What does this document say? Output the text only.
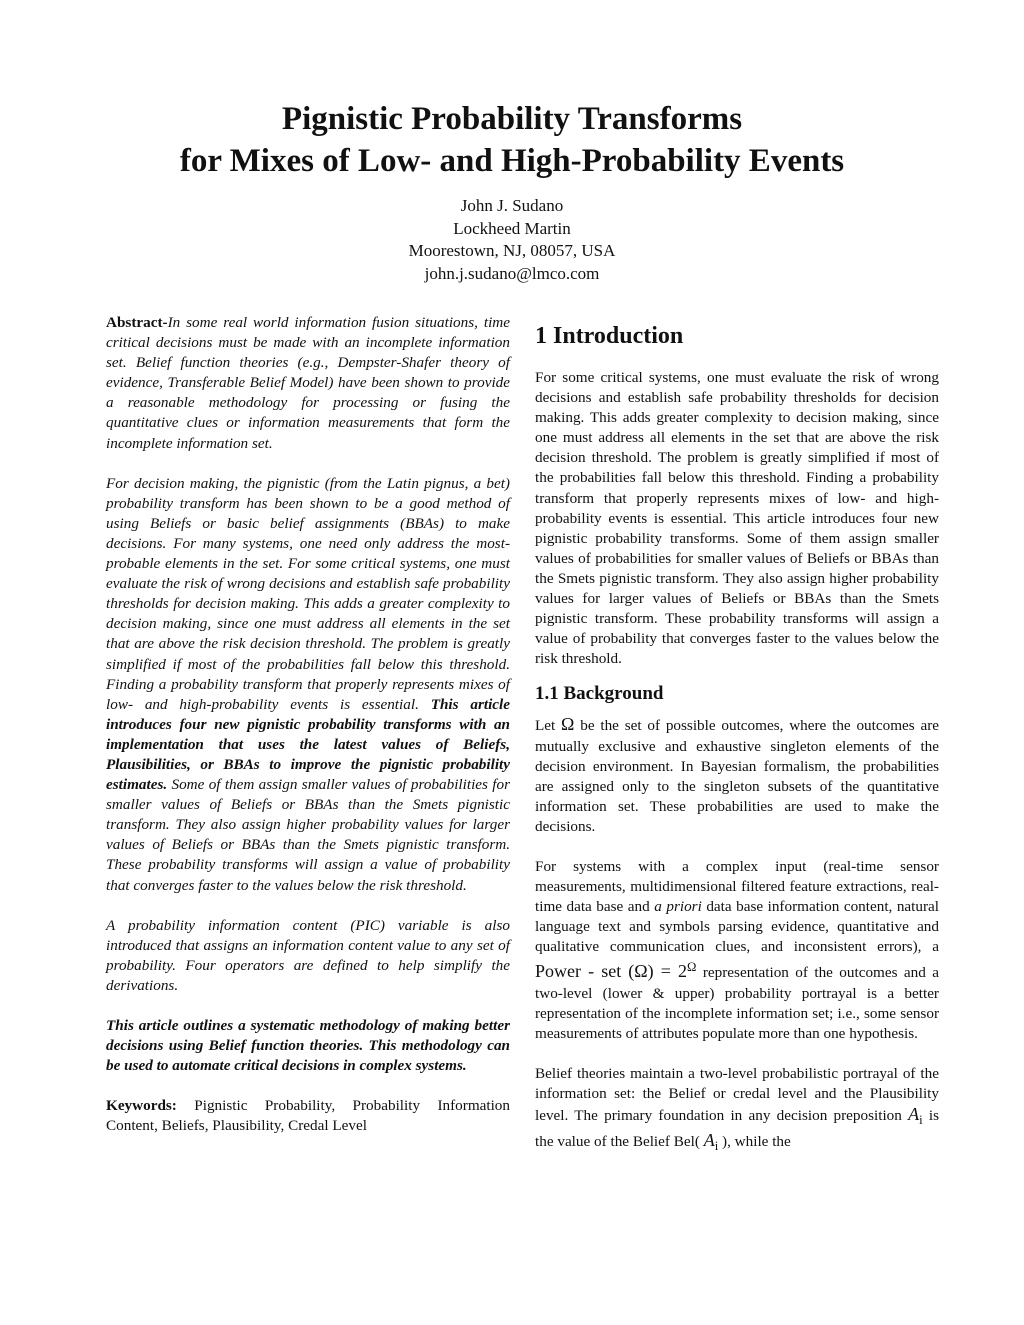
Pignistic Probability Transforms
for Mixes of Low- and High-Probability Events
John J. Sudano
Lockheed Martin
Moorestown, NJ, 08057, USA
john.j.sudano@lmco.com

Abstract-In some real world information fusion situations, time critical decisions must be made with an incomplete information set. Belief function theories (e.g., Dempster-Shafer theory of evidence, Transferable Belief Model) have been shown to provide a reasonable methodology for processing or fusing the quantitative clues or information measurements that form the incomplete information set.

For decision making, the pignistic (from the Latin pignus, a bet) probability transform has been shown to be a good method of using Beliefs or basic belief assignments (BBAs) to make decisions. For many systems, one need only address the most-probable elements in the set. For some critical systems, one must evaluate the risk of wrong decisions and establish safe probability thresholds for decision making. This adds a greater complexity to decision making, since one must address all elements in the set that are above the risk decision threshold. The problem is greatly simplified if most of the probabilities fall below this threshold. Finding a probability transform that properly represents mixes of low- and high-probability events is essential. This article introduces four new pignistic probability transforms with an implementation that uses the latest values of Beliefs, Plausibilities, or BBAs to improve the pignistic probability estimates. Some of them assign smaller values of probabilities for smaller values of Beliefs or BBAs than the Smets pignistic transform. They also assign higher probability values for larger values of Beliefs or BBAs than the Smets pignistic transform. These probability transforms will assign a value of probability that converges faster to the values below the risk threshold.

A probability information content (PIC) variable is also introduced that assigns an information content value to any set of probability. Four operators are defined to help simplify the derivations.

This article outlines a systematic methodology of making better decisions using Belief function theories. This methodology can be used to automate critical decisions in complex systems.

Keywords: Pignistic Probability, Probability Information Content, Beliefs, Plausibility, Credal Level

1 Introduction

For some critical systems, one must evaluate the risk of wrong decisions and establish safe probability thresholds for decision making. This adds greater complexity to decision making, since one must address all elements in the set that are above the risk decision threshold. The problem is greatly simplified if most of the probabilities fall below this threshold. Finding a probability transform that properly represents mixes of low- and high-probability events is essential. This article introduces four new pignistic probability transforms. Some of them assign smaller values of probabilities for smaller values of Beliefs or BBAs than the Smets pignistic transform. They also assign higher probability values for larger values of Beliefs or BBAs than the Smets pignistic transform. These probability transforms will assign a value of probability that converges faster to the values below the risk threshold.

1.1 Background

Let Ω be the set of possible outcomes, where the outcomes are mutually exclusive and exhaustive singleton elements of the decision environment. In Bayesian formalism, the probabilities are assigned only to the singleton subsets of the quantitative information set. These probabilities are used to make the decisions.

For systems with a complex input (real-time sensor measurements, multidimensional filtered feature extractions, real-time data base and a priori data base information content, natural language text and symbols parsing evidence, quantitative and qualitative communication clues, and inconsistent errors), a Power - set $(\Omega) = 2^\Omega$ representation of the outcomes and a two-level (lower & upper) probability portrayal is a better representation of the incomplete information set; i.e., some sensor measurements of attributes populate more than one hypothesis.

Belief theories maintain a two-level probabilistic portrayal of the information set: the Belief or credal level and the Plausibility level. The primary foundation in any decision preposition $A_i$ is the value of the Belief Bel( $A_i$ ), while the
